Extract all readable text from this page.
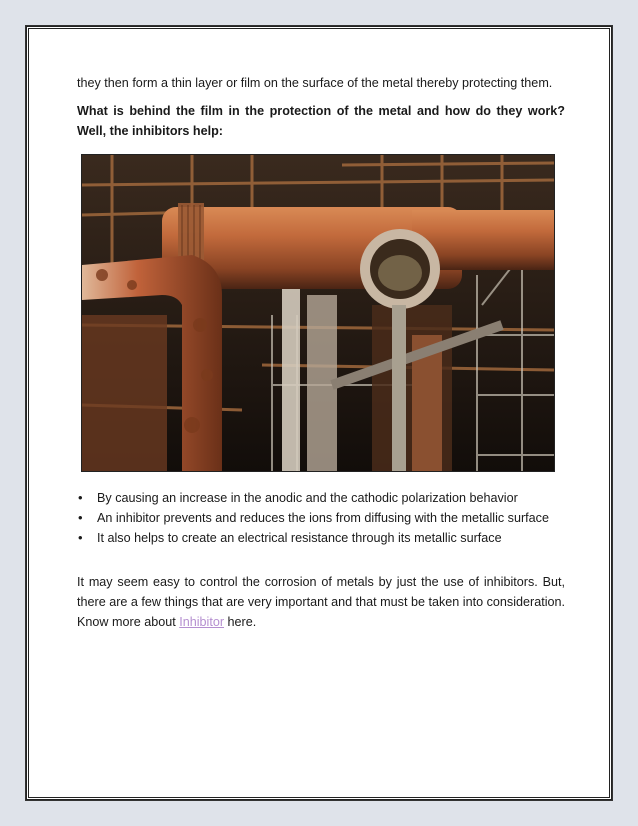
they then form a thin layer or film on the surface of the metal thereby protecting them.

What is behind the film in the protection of the metal and how do they work? Well, the inhibitors help:

• By causing an increase in the anodic and the cathodic polarization behavior
• An inhibitor prevents and reduces the ions from diffusing with the metallic surface
• It also helps to create an electrical resistance through its metallic surface

It may seem easy to control the corrosion of metals by just the use of inhibitors. But, there are a few things that are very important and that must be taken into consideration. Know more about Inhibitor here.
